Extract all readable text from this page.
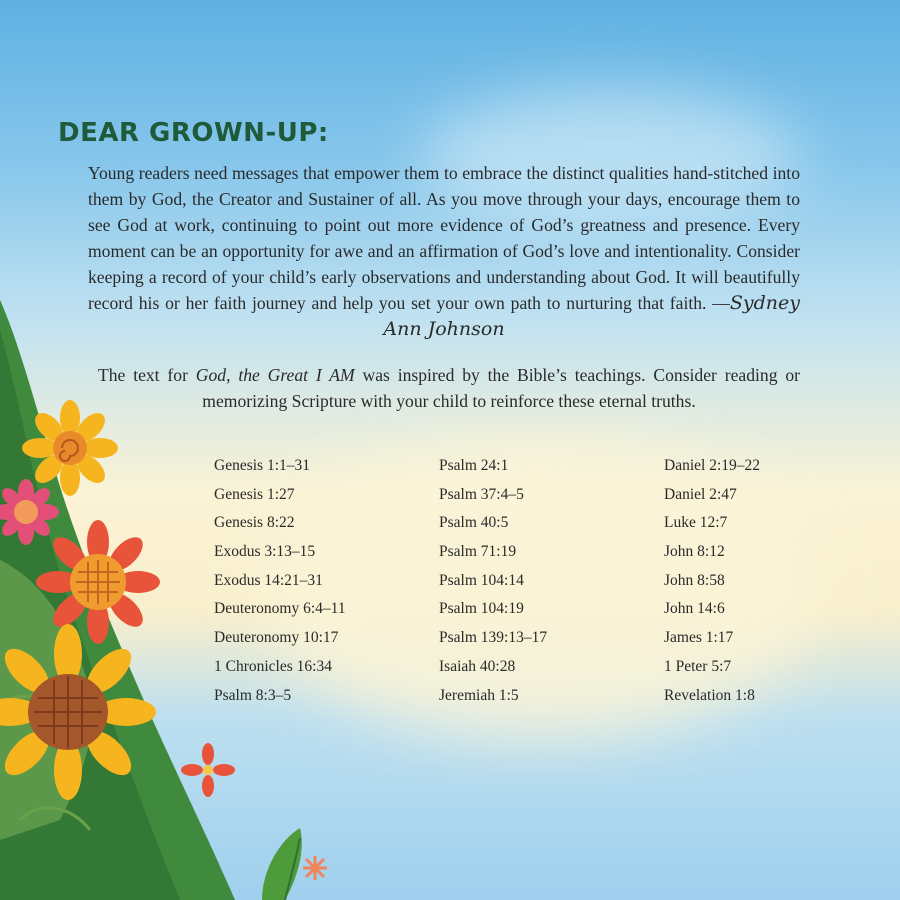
DEAR GROWN-UP:

Young readers need messages that empower them to embrace the distinct qualities hand-stitched into them by God, the Creator and Sustainer of all. As you move through your days, encourage them to see God at work, continuing to point out more evidence of God’s greatness and presence. Every moment can be an opportunity for awe and an affirmation of God’s love and intentionality. Consider keeping a record of your child’s early observations and understanding about God. It will beautifully record his or her faith journey and help you set your own path to nurturing that faith. —Sydney Ann Johnson

The text for God, the Great I AM was inspired by the Bible’s teachings. Consider reading or memorizing Scripture with your child to reinforce these eternal truths.

Genesis 1:1–31
Genesis 1:27
Genesis 8:22
Exodus 3:13–15
Exodus 14:21–31
Deuteronomy 6:4–11
Deuteronomy 10:17
1 Chronicles 16:34
Psalm 8:3–5
Psalm 24:1
Psalm 37:4–5
Psalm 40:5
Psalm 71:19
Psalm 104:14
Psalm 104:19
Psalm 139:13–17
Isaiah 40:28
Jeremiah 1:5
Daniel 2:19–22
Daniel 2:47
Luke 12:7
John 8:12
John 8:58
John 14:6
James 1:17
1 Peter 5:7
Revelation 1:8
